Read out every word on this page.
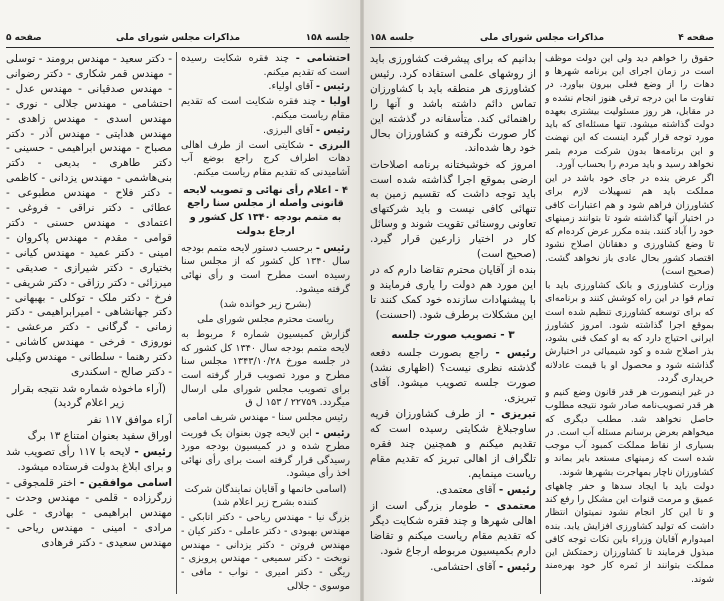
صفحه ۵	مذاکرات مجلس شورای ملی	جلسه ۱۵۸

احتشامی - چند فقره شکایت رسیده است که تقدیم میکنم.

رئیس - آقای اولیاء.

اولیا - چند فقره شکایت است که تقدیم مقام ریاست میکنم.

رئیس - آقای البرزی.

البرزی - شکایتی است از طرف اهالی دهات اطراف کرج راجع بوضع آب آشامیدنی که تقدیم مقام ریاست میکنم.

۴ - اعلام رأی نهائی و تصویب لایحه قانونی واصله از مجلس سنا راجع به متمم بودجه ۱۳۴۰ کل کشور و ارجاع بدولت

رئیس - برحسب دستور لایحه متمم بودجه سال ۱۳۴۰ کل کشور که از مجلس سنا رسیده است مطرح است و رأی نهائی گرفته میشود.

(بشرح زیر خوانده شد)
ریاست محترم مجلس شورای ملی

گزارش کمیسیون شماره ۶ مربوط به لایحه متمم بودجه سال ۱۳۴۰ کل کشور که در جلسه مورخ ۱۳۴۳/۱۰/۲۸ مجلس سنا مطرح و مورد تصویب قرار گرفته است برای تصویب مجلس شورای ملی ارسال میگردد. ۲۲۷۵۹ / ۱۵۳ ل ق

رئیس مجلس سنا - مهندس شریف امامی

رئیس - این لایحه چون بعنوان یک فوریت مطرح شده و در کمیسیون بودجه مورد رسیدگی قرار گرفته است برای رأی نهائی اخذ رأی میشود.

(اسامی خانمها و آقایان نمایندگان شرکت کننده بشرح زیر اعلام شد)

بزرگ نیا - مهندس ریاحی - دکتر اتابکی - مهندس بهبودی - دکتر عاملی - دکتر کیان - مهندس فروتن - دکتر یزدانی - مهندس نوبخت - دکتر سمیعی - مهندس پرویزی - ریگی - دکتر امیری - نواب - مافی - موسوی - جلالی

- دکتر سعید - مهندس برومند - توسلی - مهندس قمر شکاری - دکتر رضوانی - مهندس صدقیانی - مهندس عدل - احتشامی - مهندس جلالی - نوری - مهندس اسدی - مهندس زاهدی - مهندس هدایتی - مهندس آذر - دکتر مصباح - مهندس ابراهیمی - حسینی - دکتر طاهری - بدیعی - دکتر بنی‌هاشمی - مهندس یزدانی - کاظمی - دکتر فلاح - مهندس مطبوعی - عطائی - دکتر نراقی - فروغی - اعتمادی - مهندس حسنی - دکتر قوامی - مقدم - مهندس پاکروان - امینی - دکتر عمید - مهندس کیانی - بختیاری - دکتر شیرازی - صدیقی - میرزائی - دکتر رزاقی - دکتر شریفی - فرخ - دکتر ملک - توکلی - بهبهانی - دکتر جهانشاهی - امیرابراهیمی - دکتر زمانی - گرگانی - دکتر مرعشی - نوروزی - فرخی - مهندس کاشانی - دکتر رهنما - سلطانی - مهندس وکیلی - دکتر صالح - اسکندری

(آراء ماخوذه شماره شد نتیجه بقرار زیر اعلام گردید)

آراء موافق ۱۱۷ نفر

اوراق سفید بعنوان امتناع ۱۳ برگ

رئیس - لایحه با ۱۱۷ رأی تصویب شد و برای ابلاغ بدولت فرستاده میشود.

اسامی موافقین - اختر قلمجوقی - زرگرزاده - قلمی - مهندس وحدت - مهندس ابراهیمی - بهادری - علی مرادی - امینی - مهندس ریاحی - مهندس سعیدی - دکتر فرهادی

صفحه ۴
مذاکرات مجلس شورای ملی
جلسه ۱۵۸

حقوق را خواهم دید ولی این دولت موظف است در زمان اجرای این برنامه شهرها و دهات را از وضع فعلی بیرون بیاورد. در تفاوت ما این درجه ترقی هنوز انجام نشده و در مقابل، هر روز مسئولیت بیشتری بعهده دولت گذاشته میشود. تنها مسئله‌ای که باید مورد توجه قرار گیرد اینست که این نهضت و این برنامه‌ها بدون شرکت مردم بثمر نخواهد رسید و باید مردم را بحساب آورد.

اگر عرض بنده در جای خود باشد در این مملکت باید هم تسهیلات لازم برای کشاورزان فراهم شود و هم اعتبارات کافی در اختیار آنها گذاشته شود تا بتوانند زمینهای خود را آباد کنند. بنده مکرر عرض کرده‌ام که تا وضع کشاورزی و دهقانان اصلاح نشود اقتصاد کشور بحال عادی باز نخواهد گشت. (صحیح است)

وزارت کشاورزی و بانک کشاورزی باید با تمام قوا در این راه کوشش کنند و برنامه‌ای که برای توسعه کشاورزی تنظیم شده است بموقع اجرا گذاشته شود. امروز کشاورز ایرانی احتیاج دارد که به او کمک فنی بشود، بذر اصلاح شده و کود شیمیائی در اختیارش گذاشته شود و محصول او با قیمت عادلانه خریداری گردد.

در غیر اینصورت هر قدر قانون وضع کنیم و هر قدر تصویب‌نامه صادر شود نتیجه مطلوب حاصل نخواهد شد. مطلب دیگری که میخواهم بعرض برسانم مسئله آب است. در بسیاری از نقاط مملکت کمبود آب موجب شده است که زمینهای مستعد بایر بماند و کشاورزان ناچار بمهاجرت بشهرها شوند.

دولت باید با ایجاد سدها و حفر چاههای عمیق و مرمت قنوات این مشکل را رفع کند و تا این کار انجام نشود نمیتوان انتظار داشت که تولید کشاورزی افزایش یابد. بنده امیدوارم آقایان وزراء باین نکات توجه کافی مبذول فرمایند تا کشاورزان زحمتکش این مملکت بتوانند از ثمره کار خود بهره‌مند شوند.

بدانیم که برای پیشرفت کشاورزی باید از روشهای علمی استفاده کرد. رئیس کشاورزی هر منطقه باید با کشاورزان تماس دائم داشته باشد و آنها را راهنمائی کند. متأسفانه در گذشته این کار صورت نگرفته و کشاورزان بحال خود رها شده‌اند.

امروز که خوشبختانه برنامه اصلاحات ارضی بموقع اجرا گذاشته شده است باید توجه داشت که تقسیم زمین به تنهائی کافی نیست و باید شرکتهای تعاونی روستائی تقویت شوند و وسائل کار در اختیار زارعین قرار گیرد. (صحیح است)

بنده از آقایان محترم تقاضا دارم که در این مورد هم دولت را یاری فرمایند و با پیشنهادات سازنده خود کمک کنند تا این مشکلات برطرف شود. (احسنت)

۳ - تصویب صورت جلسه

رئیس - راجع بصورت جلسه دفعه گذشته نظری نیست؟ (اظهاری نشد) صورت جلسه تصویب میشود. آقای تبریزی.

تبریزی - از طرف کشاورزان قریه ساوجبلاغ شکایتی رسیده است که تقدیم میکنم و همچنین چند فقره تلگراف از اهالی تبریز که تقدیم مقام ریاست مینمایم.

رئیس - آقای معتمدی.

معتمدی - طومار بزرگی است از اهالی شهرها و چند فقره شکایت دیگر که تقدیم مقام ریاست میکنم و تقاضا دارم بکمیسیون مربوطه ارجاع شود.

رئیس - آقای احتشامی.
